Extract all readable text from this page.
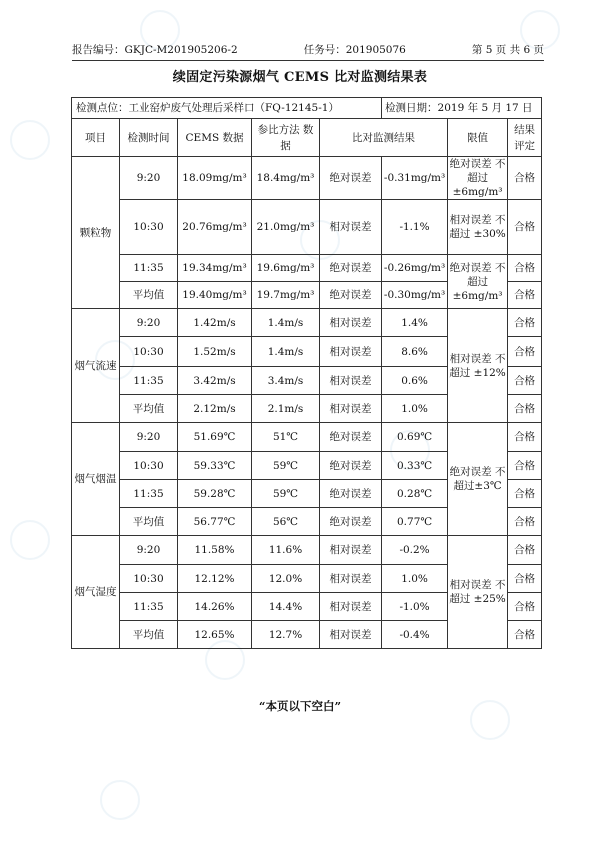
报告编号：GKJC-M201905206-2	任务号：201905076	第 5 页 共 6 页
续固定污染源烟气 CEMS 比对监测结果表
检测点位：工业窑炉废气处理后采样口（FQ-12145-1）					检测日期：2019 年 5 月 17 日		
项目	检测时间	CEMS 数据	参比方法 数据	比对监测结果		限值	结果 评定
颗粒物	9:20	18.09mg/m³	18.4mg/m³	绝对误差	-0.31mg/m³	绝对误差 不超过 ±6mg/m³	合格
	10:30	20.76mg/m³	21.0mg/m³	相对误差	-1.1%	相对误差 不超过 ±30%	合格
	11:35	19.34mg/m³	19.6mg/m³	绝对误差	-0.26mg/m³	绝对误差 不超过 ±6mg/m³	合格
	平均值	19.40mg/m³	19.7mg/m³	绝对误差	-0.30mg/m³		合格
烟气流速	9:20	1.42m/s	1.4m/s	相对误差	1.4%	相对误差 不超过 ±12%	合格
	10:30	1.52m/s	1.4m/s	相对误差	8.6%		合格
	11:35	3.42m/s	3.4m/s	相对误差	0.6%		合格
	平均值	2.12m/s	2.1m/s	相对误差	1.0%		合格
烟气烟温	9:20	51.69℃	51℃	绝对误差	0.69℃	绝对误差 不超过±3℃	合格
	10:30	59.33℃	59℃	绝对误差	0.33℃		合格
	11:35	59.28℃	59℃	绝对误差	0.28℃		合格
	平均值	56.77℃	56℃	绝对误差	0.77℃		合格
烟气湿度	9:20	11.58%	11.6%	相对误差	-0.2%	相对误差 不超过 ±25%	合格
	10:30	12.12%	12.0%	相对误差	1.0%		合格
	11:35	14.26%	14.4%	相对误差	-1.0%		合格
	平均值	12.65%	12.7%	相对误差	-0.4%		合格
“本页以下空白”
